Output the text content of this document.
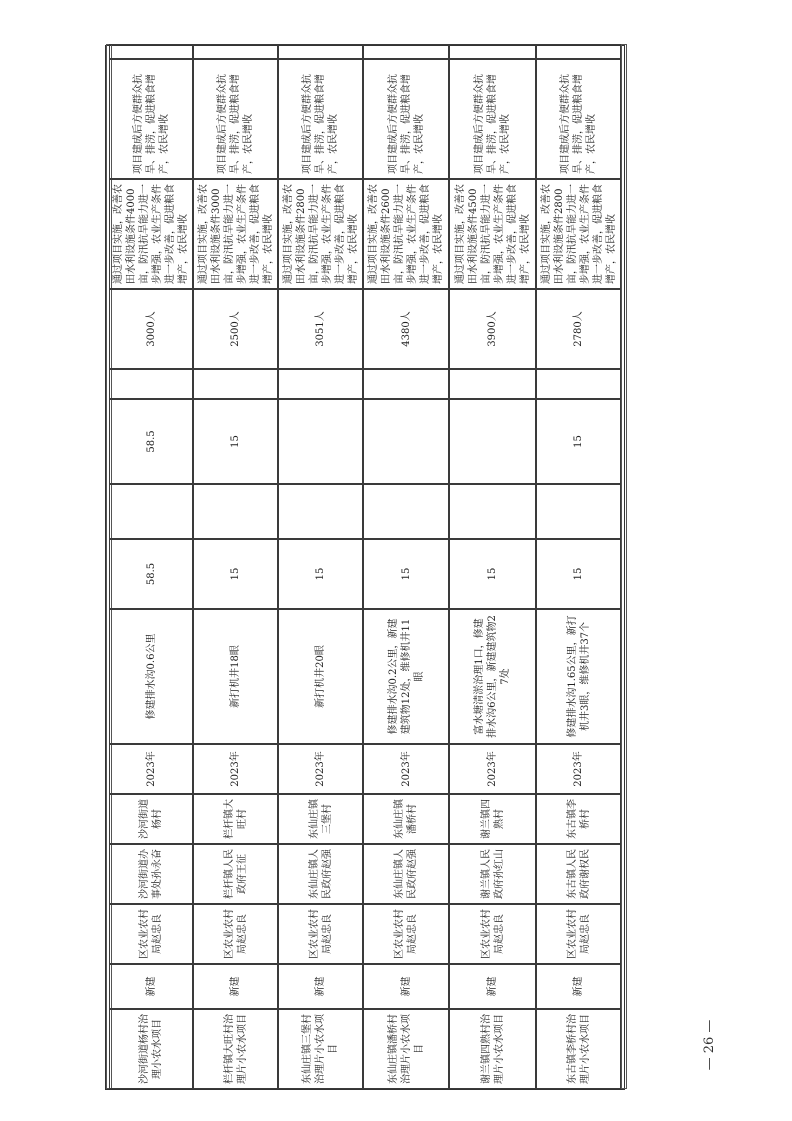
沙河街道杨村治理小农水项目
新建
区农业农村局赵忠良
沙河街道办事处孙永奋
沙河街道杨村
2023年
修建排水沟0.6公里
58.5
58.5
3000人
通过项目实施，改善农田水利设施条件4000亩，防汛抗旱能力进一步增强，农业生产条件进一步改善，促进粮食增产，农民增收
项目建成后方便群众抗旱、排涝，促进粮食增产，农民增收
栏杆镇大旺村治理片小农水项目
新建
区农业农村局赵忠良
栏杆镇人民政府王征
栏杆镇大旺村
2023年
新打机井18眼
15
15
2500人
通过项目实施，改善农田水利设施条件3000亩，防汛抗旱能力进一步增强，农业生产条件进一步改善，促进粮食增产，农民增收
项目建成后方便群众抗旱、排涝，促进粮食增产，农民增收
东仙庄镇三堡村治理片小农水项目
新建
区农业农村局赵忠良
东仙庄镇人民政府赵强
东仙庄镇三堡村
2023年
新打机井20眼
15
3051人
通过项目实施，改善农田水利设施条件2800亩，防汛抗旱能力进一步增强，农业生产条件进一步改善，促进粮食增产，农民增收
项目建成后方便群众抗旱、排涝，促进粮食增产，农民增收
东仙庄镇潘桥村治理片小农水项目
新建
区农业农村局赵忠良
东仙庄镇人民政府赵强
东仙庄镇潘桥村
2023年
修建排水沟0.2公里，新建建筑物12处，维修机井11眼
15
4380人
通过项目实施，改善农田水利设施条件2600亩，防汛抗旱能力进一步增强，农业生产条件进一步改善，促进粮食增产，农民增收
项目建成后方便群众抗旱、排涝，促进粮食增产，农民增收
谢兰镇四熟村治理片小农水项目
新建
区农业农村局赵忠良
谢兰镇人民政府孙红山
谢兰镇四熟村
2023年
富水塘清淤治理1口，修建排水沟6公里，新建建筑物27处
15
3900人
通过项目实施，改善农田水利设施条件4500亩，防汛抗旱能力进一步增强，农业生产条件进一步改善，促进粮食增产，农民增收
项目建成后方便群众抗旱、排涝，促进粮食增产，农民增收
东古镇李桥村治理片小农水项目
新建
区农业农村局赵忠良
东古镇人民政府谢权民
东古镇李桥村
2023年
修建排水沟1.65公里，新打机井3眼，维修机井37个
15
15
2780人
通过项目实施，改善农田水利设施条件2800亩，防汛抗旱能力进一步增强，农业生产条件进一步改善，促进粮食增产，农民增收
项目建成后方便群众抗旱、排涝，促进粮食增产，农民增收
— 26 —
